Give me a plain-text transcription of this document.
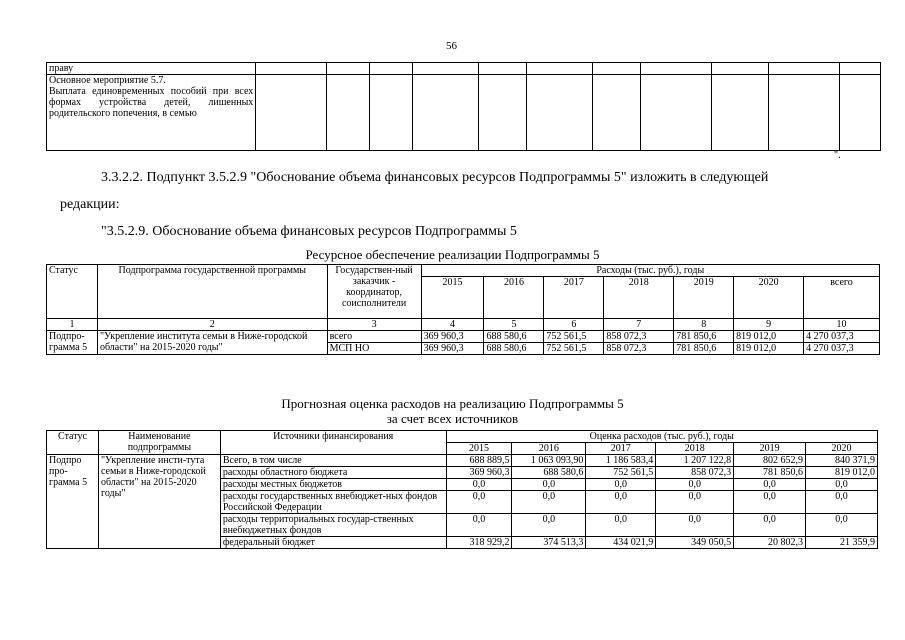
56
праву											

Основное мероприятие 5.7.
Выплата единовременных пособий при всех формах устройства детей, лишенных родительского попечения, в семью											

".
3.3.2.2. Подпункт 3.5.2.9 "Обоснование объема финансовых ресурсов Подпрограммы 5" изложить в следующей
редакции:
"3.5.2.9. Обоснование объема финансовых ресурсов Подпрограммы 5
Ресурсное обеспечение реализации Подпрограммы 5
Статус	Подпрограмма государственной программы	Государствен-ный заказчик - координатор, соисполнители	Расходы (тыс. руб.), годы						
			2015	2016	2017	2018	2019	2020	всего
1	2	3	4	5	6	7	8	9	10
Подпро-грамма 5	"Укрепление института семьи в Ниже-городской области" на 2015-2020 годы"	всего	369 960,3	688 580,6	752 561,5	858 072,3	781 850,6	819 012,0	4 270 037,3
		МСП НО	369 960,3	688 580,6	752 561,5	858 072,3	781 850,6	819 012,0	4 270 037,3
Прогнозная оценка расходов на реализацию Подпрограммы 5
за счет всех источников
Статус	Наименование подпрограммы	Источники финансирования	Оценка расходов (тыс. руб.), годы					
			2015	2016	2017	2018	2019	2020
Подпро про-грамма 5	"Укрепление инсти-тута семьи в Ниже-городской области" на 2015-2020 годы"	Всего, в том числе	688 889,5	1 063 093,90	1 186 583,4	1 207 122,8	802 652,9	840 371,9
		расходы областного бюджета	369 960,3	688 580,6	752 561,5	858 072,3	781 850,6	819 012,0
		расходы местных бюджетов	0,0	0,0	0,0	0,0	0,0	0,0
		расходы государственных внебюджет-ных фондов Российской Федерации	0,0	0,0	0,0	0,0	0,0	0,0
		расходы территориальных государ-ственных внебюджетных фондов	0,0	0,0	0,0	0,0	0,0	0,0
		федеральный бюджет	318 929,2	374 513,3	434 021,9	349 050,5	20 802,3	21 359,9
